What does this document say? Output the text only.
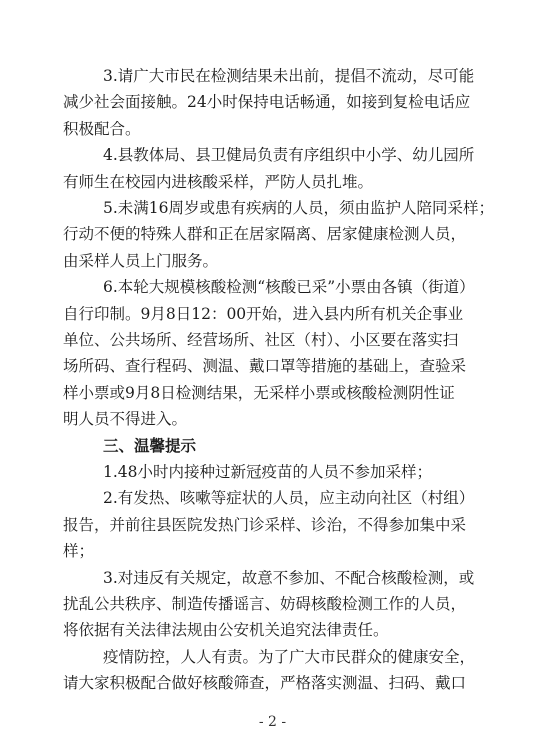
3.请广大市民在检测结果未出前，提倡不流动，尽可能
减少社会面接触。24小时保持电话畅通，如接到复检电话应
积极配合。
4.县教体局、县卫健局负责有序组织中小学、幼儿园所
有师生在校园内进核酸采样，严防人员扎堆。
5.未满16周岁或患有疾病的人员，须由监护人陪同采样；
行动不便的特殊人群和正在居家隔离、居家健康检测人员，
由采样人员上门服务。
6.本轮大规模核酸检测“核酸已采”小票由各镇（街道）
自行印制。9月8日12：00开始，进入县内所有机关企事业
单位、公共场所、经营场所、社区（村）、小区要在落实扫
场所码、查行程码、测温、戴口罩等措施的基础上，查验采
样小票或9月8日检测结果，无采样小票或核酸检测阴性证
明人员不得进入。
三、温馨提示
1.48小时内接种过新冠疫苗的人员不参加采样；
2.有发热、咳嗽等症状的人员，应主动向社区（村组）
报告，并前往县医院发热门诊采样、诊治，不得参加集中采
样；
3.对违反有关规定，故意不参加、不配合核酸检测，或
扰乱公共秩序、制造传播谣言、妨碍核酸检测工作的人员，
- 2 -
将依据有关法律法规由公安机关追究法律责任。
疫情防控，人人有责。为了广大市民群众的健康安全，
请大家积极配合做好核酸筛查，严格落实测温、扫码、戴口
